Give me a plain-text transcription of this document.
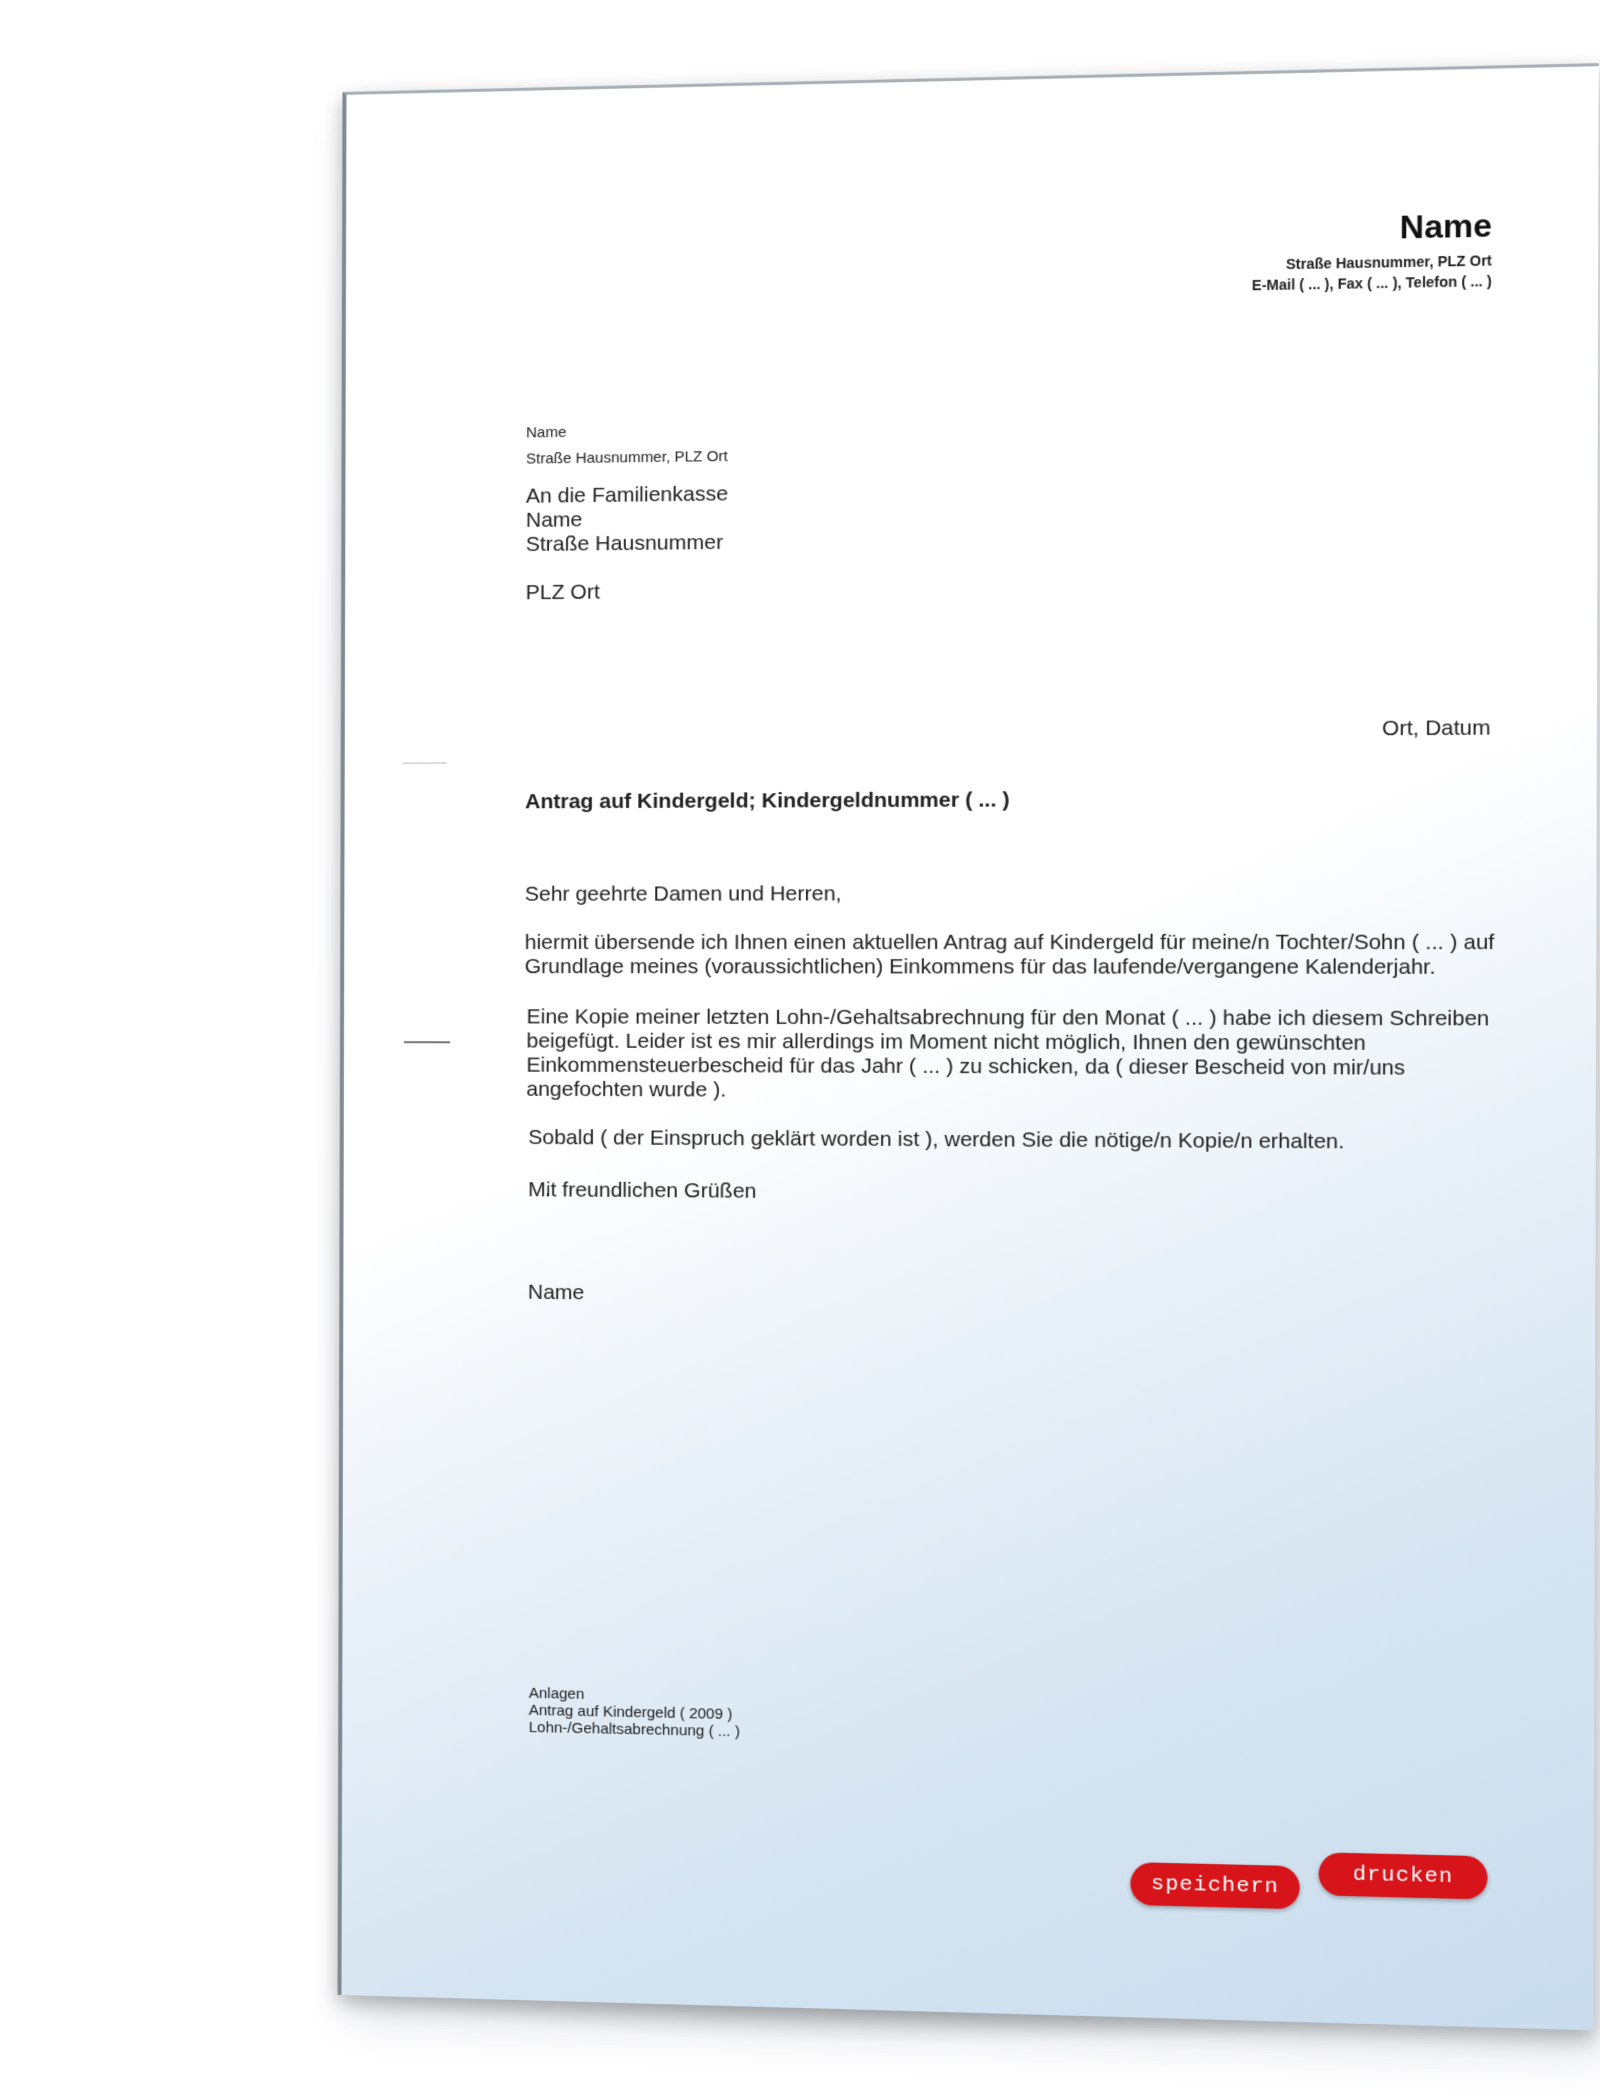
Name
Straße Hausnummer, PLZ Ort
E-Mail ( ... ), Fax ( ... ), Telefon ( ... )
Name
Straße Hausnummer, PLZ Ort
An die Familienkasse
Name
Straße Hausnummer
PLZ Ort
Ort, Datum
Antrag auf Kindergeld; Kindergeldnummer ( ... )
Sehr geehrte Damen und Herren,
hiermit übersende ich Ihnen einen aktuellen Antrag auf Kindergeld für meine/n Tochter/Sohn ( ... ) auf
Grundlage meines (voraussichtlichen) Einkommens für das laufende/vergangene Kalenderjahr.
Eine Kopie meiner letzten Lohn-/Gehaltsabrechnung für den Monat ( ... ) habe ich diesem Schreiben
beigefügt. Leider ist es mir allerdings im Moment nicht möglich, Ihnen den gewünschten
Einkommensteuerbescheid für das Jahr ( ... ) zu schicken, da ( dieser Bescheid von mir/uns
angefochten wurde ).
Sobald ( der Einspruch geklärt worden ist ), werden Sie die nötige/n Kopie/n erhalten.
Mit freundlichen Grüßen
Name
Anlagen
Antrag auf Kindergeld ( 2009 )
Lohn-/Gehaltsabrechnung ( ... )
speichern	drucken
